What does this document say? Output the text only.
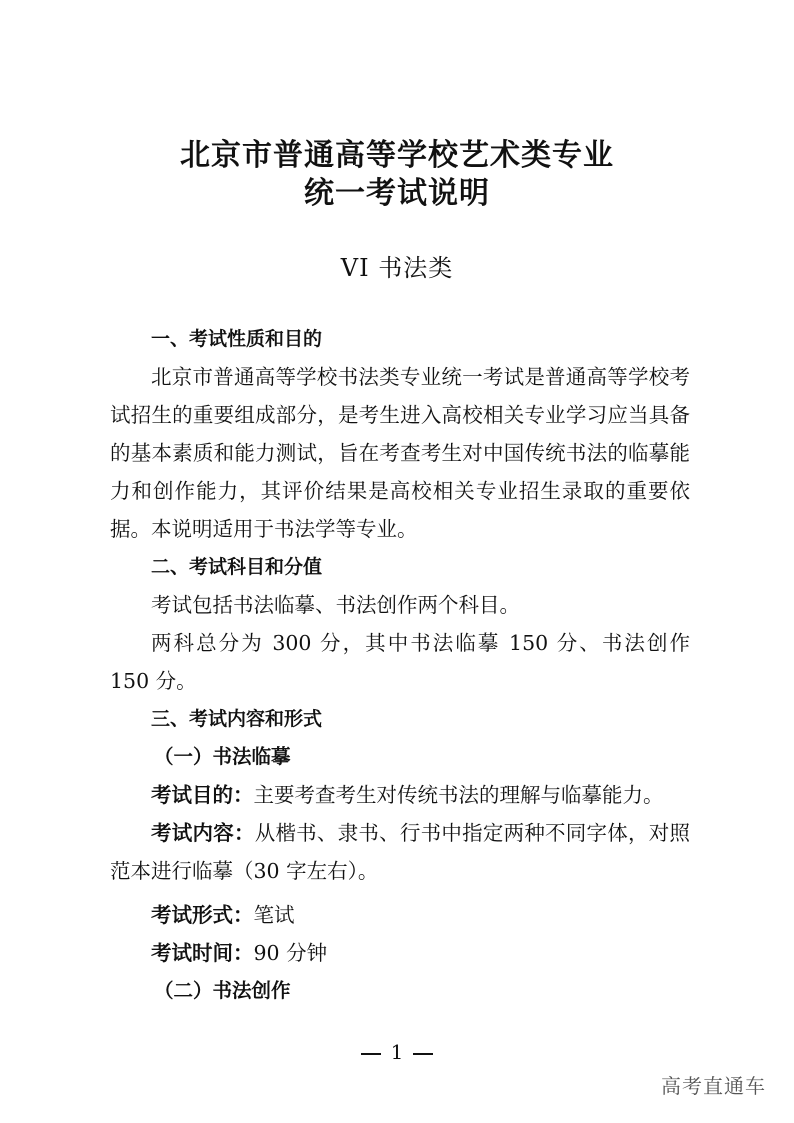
北京市普通高等学校艺术类专业
统一考试说明
VI 书法类
一、考试性质和目的

北京市普通高等学校书法类专业统一考试是普通高等学校考试招生的重要组成部分，是考生进入高校相关专业学习应当具备的基本素质和能力测试，旨在考查考生对中国传统书法的临摹能力和创作能力，其评价结果是高校相关专业招生录取的重要依据。本说明适用于书法学等专业。

二、考试科目和分值

考试包括书法临摹、书法创作两个科目。

两科总分为 300 分，其中书法临摹 150 分、书法创作 150 分。

三、考试内容和形式
（一）书法临摹

考试目的：主要考查考生对传统书法的理解与临摹能力。

考试内容：从楷书、隶书、行书中指定两种不同字体，对照范本进行临摹（30 字左右）。

考试形式：笔试

考试时间：90 分钟

（二）书法创作
1
高考直通车
